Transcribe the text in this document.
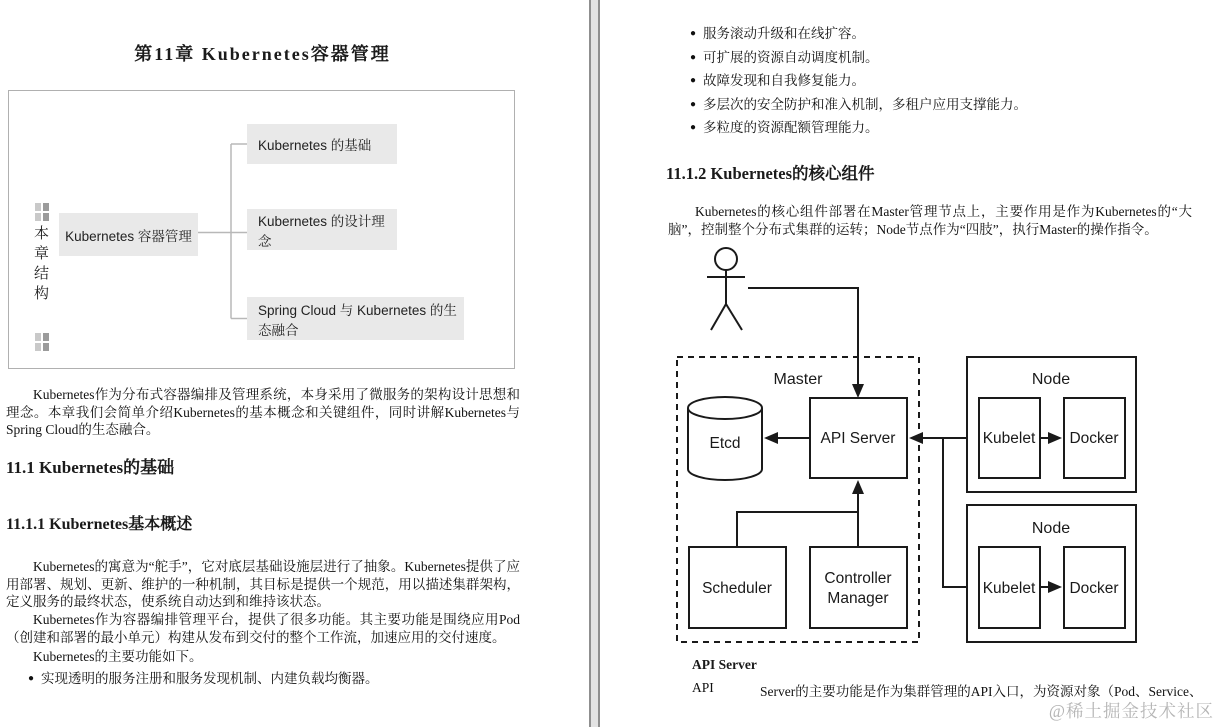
第11章 Kubernetes容器管理
本章结构	Kubernetes 容器管理
Kubernetes 的基础
Kubernetes 的设计理念
Spring Cloud 与 Kubernetes 的生态融合
Kubernetes作为分布式容器编排及管理系统，本身采用了微服务的架构设计思想和理念。本章我们会简单介绍Kubernetes的基本概念和关键组件，同时讲解Kubernetes与Spring Cloud的生态融合。
11.1 Kubernetes的基础
11.1.1 Kubernetes基本概述
Kubernetes的寓意为“舵手”，它对底层基础设施层进行了抽象。Kubernetes提供了应用部署、规划、更新、维护的一种机制，其目标是提供一个规范，用以描述集群架构，定义服务的最终状态，使系统自动达到和维持该状态。
Kubernetes作为容器编排管理平台，提供了很多功能。其主要功能是围绕应用Pod（创建和部署的最小单元）构建从发布到交付的整个工作流，加速应用的交付速度。
Kubernetes的主要功能如下。
● 实现透明的服务注册和服务发现机制、内建负载均衡器。
● 服务滚动升级和在线扩容。
● 可扩展的资源自动调度机制。
● 故障发现和自我修复能力。
● 多层次的安全防护和准入机制，多租户应用支撑能力。
● 多粒度的资源配额管理能力。
11.1.2 Kubernetes的核心组件
Kubernetes的核心组件部署在Master管理节点上，主要作用是作为Kubernetes的“大脑”，控制整个分布式集群的运转；Node节点作为“四肢”，执行Master的操作指令。
Master
Etcd	API Server
Scheduler
Controller
Manager
Node
Kubelet Docker
Node
Kubelet Docker
API Server
API	Server的主要功能是作为集群管理的API入口，为资源对象（Pod、Service、
@稀土掘金技术社区
